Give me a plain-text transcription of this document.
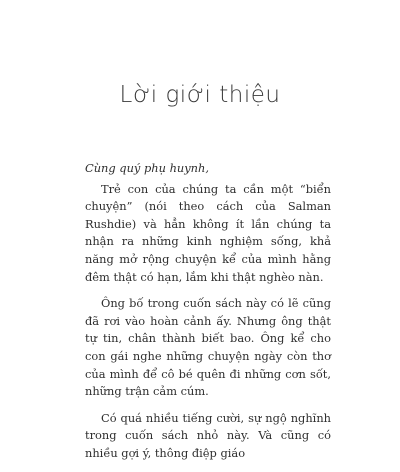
Lời giới thiệu

Cùng quý phụ huynh,

Trẻ con của chúng ta cần một “biển chuyện” (nói theo cách của Salman Rushdie) và hẳn không ít lần chúng ta nhận ra những kinh nghiệm sống, khả năng mở rộng chuyện kể của mình hằng đêm thật có hạn, lắm khi thật nghèo nàn.

Ông bố trong cuốn sách này có lẽ cũng đã rơi vào hoàn cảnh ấy. Nhưng ông thật tự tin, chân thành biết bao. Ông kể cho con gái nghe những chuyện ngày còn thơ của mình để cô bé quên đi những cơn sốt, những trận cảm cúm.

Có quá nhiều tiếng cười, sự ngộ nghĩnh trong cuốn sách nhỏ này. Và cũng có nhiều gợi ý, thông điệp giáo
